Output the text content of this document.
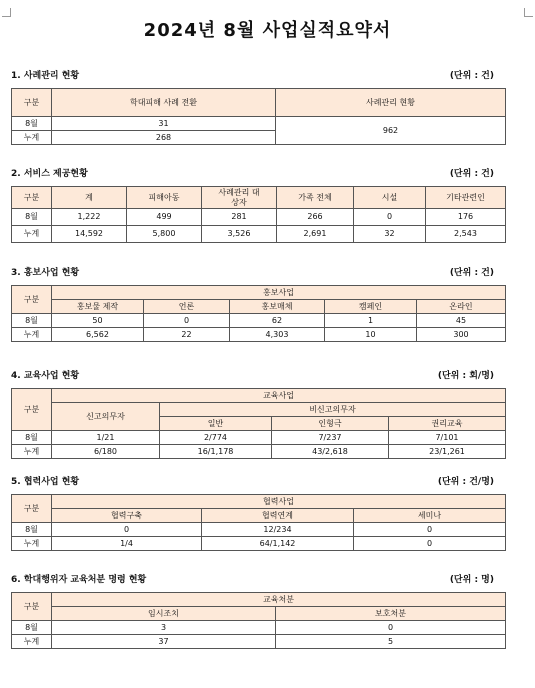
2024년 8월 사업실적요약서
1. 사례관리 현황	(단위 : 건)
구분	학대피해 사례 전환	사례관리 현황
8월	31	962
누계	268	
2. 서비스 제공현황	(단위 : 건)
구분	계	피해아동	사례관리 대상자	가족 전체	시설	기타관련인
8월	1,222	499	281	266	0	176
누계	14,592	5,800	3,526	2,691	32	2,543
3. 홍보사업 현황	(단위 : 건)
구분	홍보사업				
	홍보물 제작	언론	홍보매체	캠페인	온라인
8월	50	0	62	1	45
누계	6,562	22	4,303	10	300
4. 교육사업 현황	(단위 : 회/명)
구분	교육사업			
	신고의무자	비신고의무자		
		일반	인형극	권리교육
8월	1/21	2/774	7/237	7/101
누계	6/180	16/1,178	43/2,618	23/1,261
5. 협력사업 현황	(단위 : 건/명)
구분	협력사업		
	협력구축	협력연계	세미나
8월	0	12/234	0
누계	1/4	64/1,142	0
6. 학대행위자 교육처분 명령 현황	(단위 : 명)
구분	교육처분	
	임시조치	보호처분
8월	3	0
누계	37	5
